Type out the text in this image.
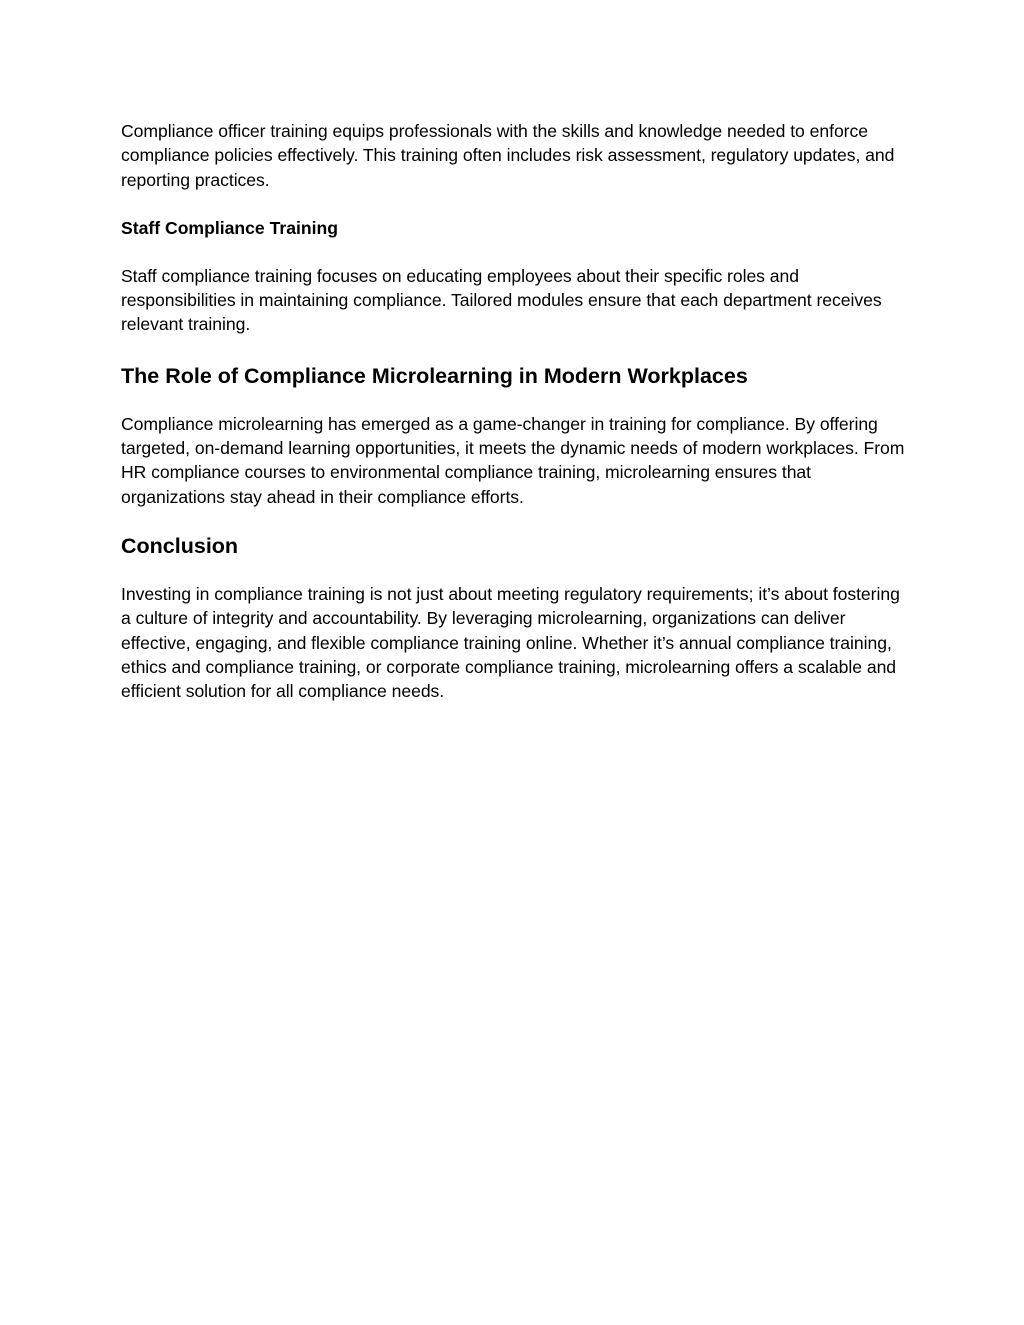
Compliance officer training equips professionals with the skills and knowledge needed to enforce compliance policies effectively. This training often includes risk assessment, regulatory updates, and reporting practices.

Staff Compliance Training

Staff compliance training focuses on educating employees about their specific roles and responsibilities in maintaining compliance. Tailored modules ensure that each department receives relevant training.

The Role of Compliance Microlearning in Modern Workplaces

Compliance microlearning has emerged as a game-changer in training for compliance. By offering targeted, on-demand learning opportunities, it meets the dynamic needs of modern workplaces. From HR compliance courses to environmental compliance training, microlearning ensures that organizations stay ahead in their compliance efforts.

Conclusion

Investing in compliance training is not just about meeting regulatory requirements; it’s about fostering a culture of integrity and accountability. By leveraging microlearning, organizations can deliver effective, engaging, and flexible compliance training online. Whether it’s annual compliance training, ethics and compliance training, or corporate compliance training, microlearning offers a scalable and efficient solution for all compliance needs.
